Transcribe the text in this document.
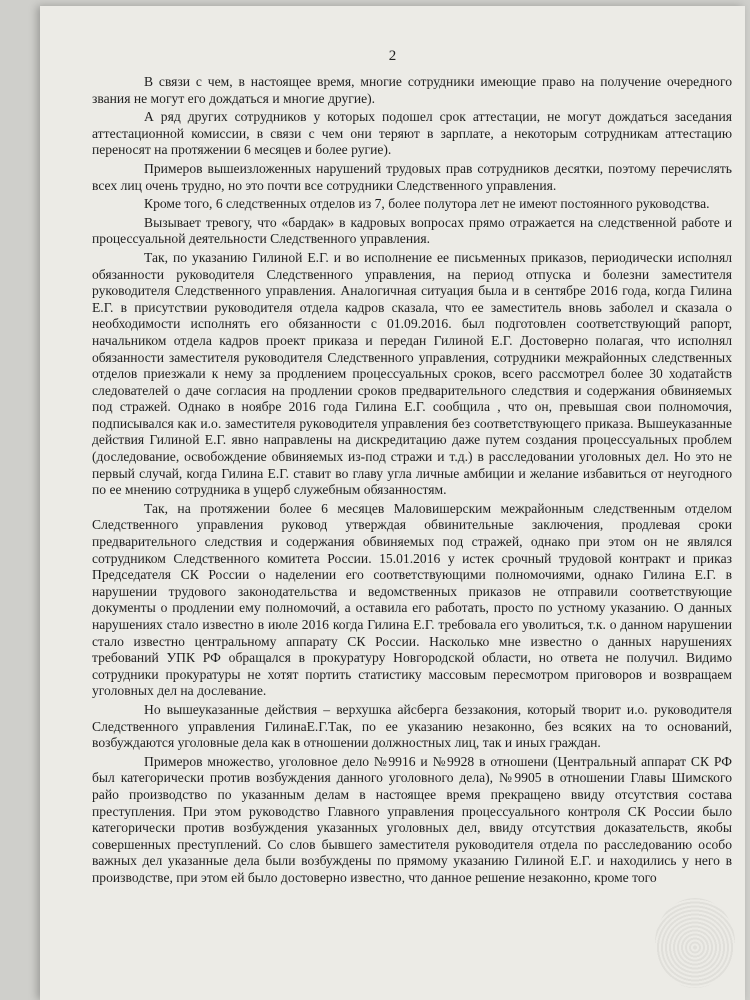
2

В связи с чем, в настоящее время, многие сотрудники имеющие право на получение очередного звания не могут его дождаться и многие другие).

А ряд других сотрудников у которых подошел срок аттестации, не могут дождаться заседания аттестационной комиссии, в связи с чем они теряют в зарплате, а некоторым сотрудникам аттестацию переносят на протяжении 6 месяцев и более ругие).

Примеров вышеизложенных нарушений трудовых прав сотрудников десятки, поэтому перечислять всех лиц очень трудно, но это почти все сотрудники Следственного управления.

Кроме того, 6 следственных отделов из 7, более полутора лет не имеют постоянного руководства.

Вызывает тревогу, что «бардак» в кадровых вопросах прямо отражается на следственной работе и процессуальной деятельности Следственного управления.

Так, по указанию Гилиной Е.Г. и во исполнение ее письменных приказов, периодически исполнял обязанности руководителя Следственного управления, на период отпуска и болезни заместителя руководителя Следственного управления. Аналогичная ситуация была и в сентябре 2016 года, когда Гилина Е.Г. в присутствии руководителя отдела кадров сказала, что ее заместитель вновь заболел и сказала о необходимости исполнять его обязанности с 01.09.2016. был подготовлен соответствующий рапорт, начальником отдела кадров проект приказа и передан Гилиной Е.Г. Достоверно полагая, что исполнял обязанности заместителя руководителя Следственного управления, сотрудники межрайонных следственных отделов приезжали к нему за продлением процессуальных сроков, всего рассмотрел более 30 ходатайств следователей о даче согласия на продлении сроков предварительного следствия и содержания обвиняемых под стражей. Однако в ноябре 2016 года Гилина Е.Г. сообщила , что он, превышая свои полномочия, подписывался как и.о. заместителя руководителя управления без соответствующего приказа. Вышеуказанные действия Гилиной Е.Г. явно направлены на дискредитацию даже путем создания процессуальных проблем (доследование, освобождение обвиняемых из-под стражи и т.д.) в расследовании уголовных дел. Но это не первый случай, когда Гилина Е.Г. ставит во главу угла личные амбиции и желание избавиться от неугодного по ее мнению сотрудника в ущерб служебным обязанностям.

Так, на протяжении более 6 месяцев Маловишерским межрайонным следственным отделом Следственного управления руковод утверждая обвинительные заключения, продлевая сроки предварительного следствия и содержания обвиняемых под стражей, однако при этом он не являлся сотрудником Следственного комитета России. 15.01.2016 у истек срочный трудовой контракт и приказ Председателя СК России о наделении его соответствующими полномочиями, однако Гилина Е.Г. в нарушении трудового законодательства и ведомственных приказов не отправили соответствующие документы о продлении ему полномочий, а оставила его работать, просто по устному указанию. О данных нарушениях стало известно в июле 2016 когда Гилина Е.Г. требовала его уволиться, т.к. о данном нарушении стало известно центральному аппарату СК России. Насколько мне известно о данных нарушениях требований УПК РФ обращался в прокуратуру Новгородской области, но ответа не получил. Видимо сотрудники прокуратуры не хотят портить статистику массовым пересмотром приговоров и возвращаем уголовных дел на дослевание.

Но вышеуказанные действия – верхушка айсберга беззакония, который творит и.о. руководителя Следственного управления ГилинаЕ.Г.Так, по ее указанию незаконно, без всяких на то оснований, возбуждаются уголовные дела как в отношении должностных лиц, так и иных граждан.

Примеров множество, уголовное дело №9916 и №9928 в отношени (Центральный аппарат СК РФ был категорически против возбуждения данного уголовного дела), №9905 в отношении Главы Шимского райо производство по указанным делам в настоящее время прекращено ввиду отсутствия состава преступления. При этом руководство Главного управления процессуального контроля СК России было категорически против возбуждения указанных уголовных дел, ввиду отсутствия доказательств, якобы совершенных преступлений. Со слов бывшего заместителя руководителя отдела по расследованию особо важных дел указанные дела были возбуждены по прямому указанию Гилиной Е.Г. и находились у него в производстве, при этом ей было достоверно известно, что данное решение незаконно, кроме того
